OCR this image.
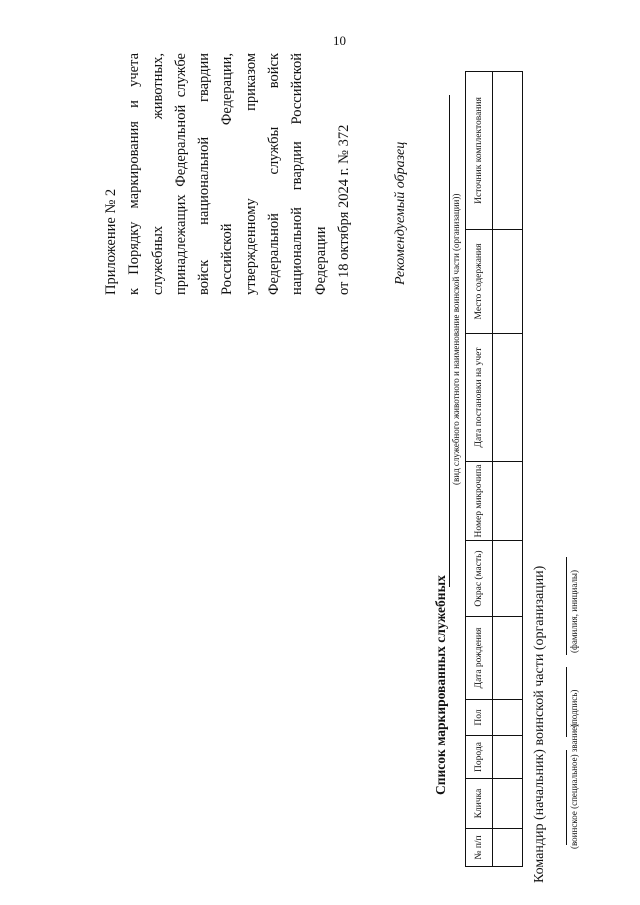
10
Приложение № 2 к Порядку маркирования и учета служебных животных, принадлежащих Федеральной службе войск национальной гвардии Российской Федерации, утвержденному приказом Федеральной службы войск национальной гвардии Российской Федерации от 18 октября 2024 г. № 372	Рекомендуемый образец
Список маркированных служебных
(вид служебного животного и наименование воинской части (организации))
№ п/п	Кличка	Порода	Пол	Дата рождения	Окрас (масть)	Номер микрочипа	Дата постановки на учет	Место содержания	Источник комплектования

Командир (начальник) воинской части (организации) (воинское (специальное) звание)
(подпись)
(фамилия, инициалы)
